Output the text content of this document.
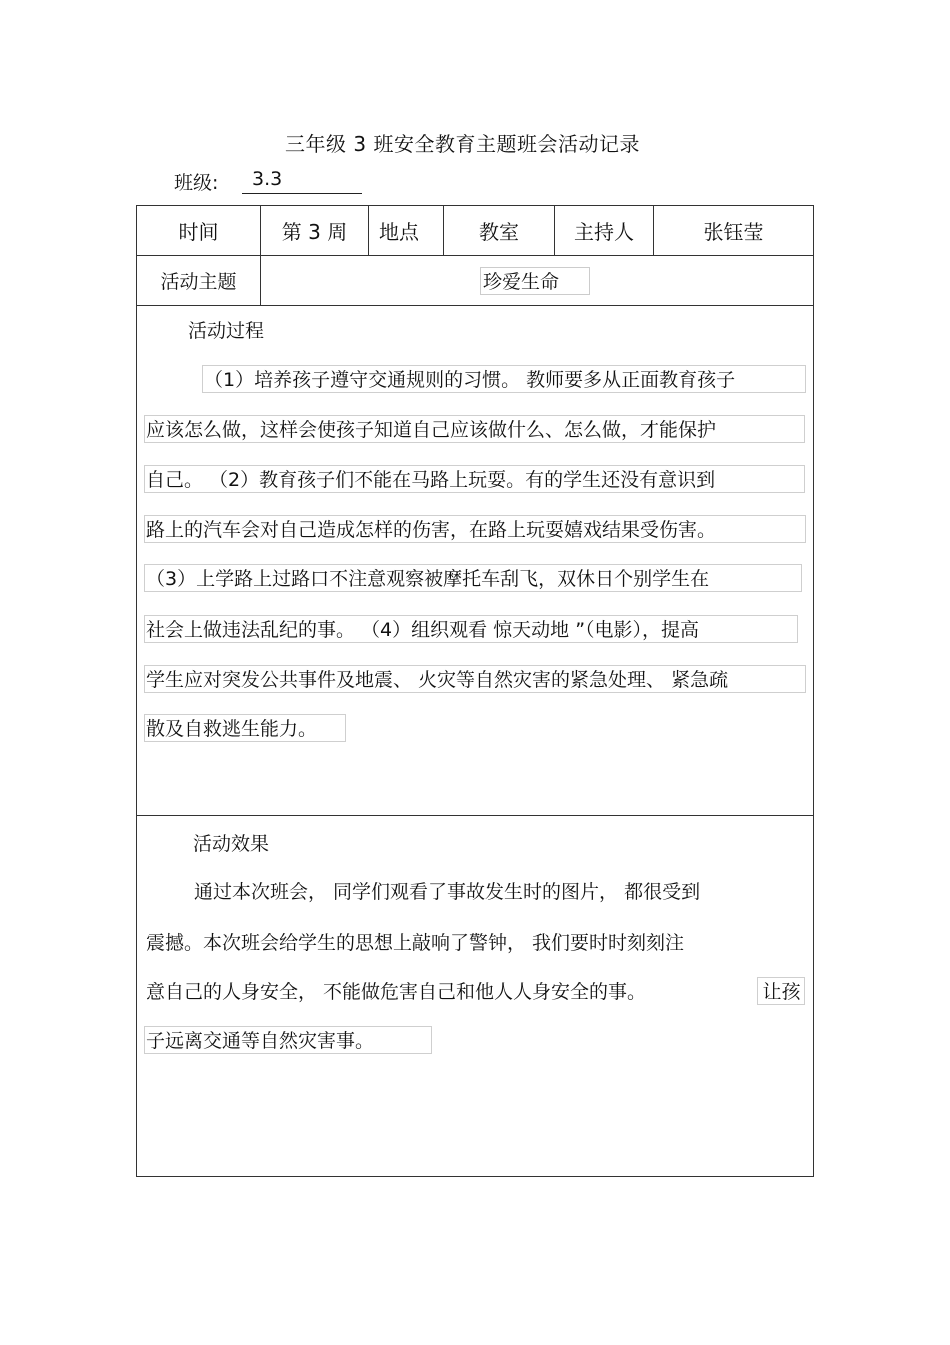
三年级 3 班安全教育主题班会活动记录
班级:	3.3
时间	第 3 周	地点	教室	主持人	张钰莹
活动主题	珍爱生命
活动过程
（1）培养孩子遵守交通规则的习惯。 教师要多从正面教育孩子
应该怎么做，这样会使孩子知道自己应该做什么、怎么做，才能保护
自己。 （2）教育孩子们不能在马路上玩耍。有的学生还没有意识到
路上的汽车会对自己造成怎样的伤害，在路上玩耍嬉戏结果受伤害。
（3）上学路上过路口不注意观察被摩托车刮飞，双休日个别学生在
社会上做违法乱纪的事。 （4）组织观看 惊天动地 ”（电影），提高
学生应对突发公共事件及地震、 火灾等自然灾害的紧急处理、 紧急疏
散及自救逃生能力。
活动效果
通过本次班会， 同学们观看了事故发生时的图片， 都很受到
震撼。本次班会给学生的思想上敲响了警钟， 我们要时时刻刻注
意自己的人身安全， 不能做危害自己和他人人身安全的事。	让孩
子远离交通等自然灾害事。
